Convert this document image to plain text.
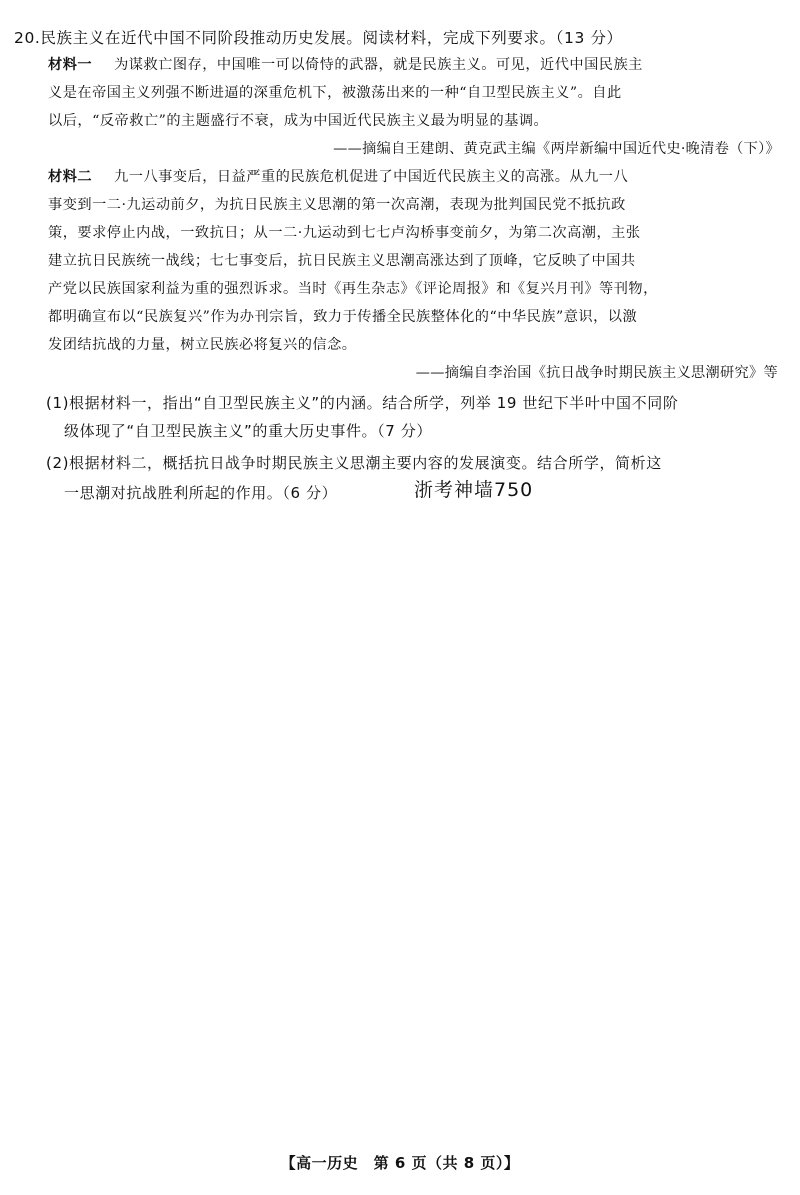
20.民族主义在近代中国不同阶段推动历史发展。阅读材料，完成下列要求。（13 分）
材料一 为谋救亡图存，中国唯一可以倚恃的武器，就是民族主义。可见，近代中国民族主
义是在帝国主义列强不断进逼的深重危机下，被激荡出来的一种“自卫型民族主义”。自此
以后，“反帝救亡”的主题盛行不衰，成为中国近代民族主义最为明显的基调。
——摘编自王建朗、黄克武主编《两岸新编中国近代史·晚清卷（下）》
材料二 九一八事变后，日益严重的民族危机促进了中国近代民族主义的高涨。从九一八
事变到一二·九运动前夕，为抗日民族主义思潮的第一次高潮，表现为批判国民党不抵抗政
策，要求停止内战，一致抗日；从一二·九运动到七七卢沟桥事变前夕，为第二次高潮，主张
建立抗日民族统一战线；七七事变后，抗日民族主义思潮高涨达到了顶峰，它反映了中国共
产党以民族国家利益为重的强烈诉求。当时《再生杂志》《评论周报》和《复兴月刊》等刊物，
都明确宣布以“民族复兴”作为办刊宗旨，致力于传播全民族整体化的“中华民族”意识，以激
发团结抗战的力量，树立民族必将复兴的信念。
——摘编自李治国《抗日战争时期民族主义思潮研究》等
(1)根据材料一，指出“自卫型民族主义”的内涵。结合所学，列举 19 世纪下半叶中国不同阶
级体现了“自卫型民族主义”的重大历史事件。（7 分）
(2)根据材料二，概括抗日战争时期民族主义思潮主要内容的发展演变。结合所学，简析这
一思潮对抗战胜利所起的作用。（6 分）	浙考神墙750
【高一历史　第 6 页（共 8 页）】
